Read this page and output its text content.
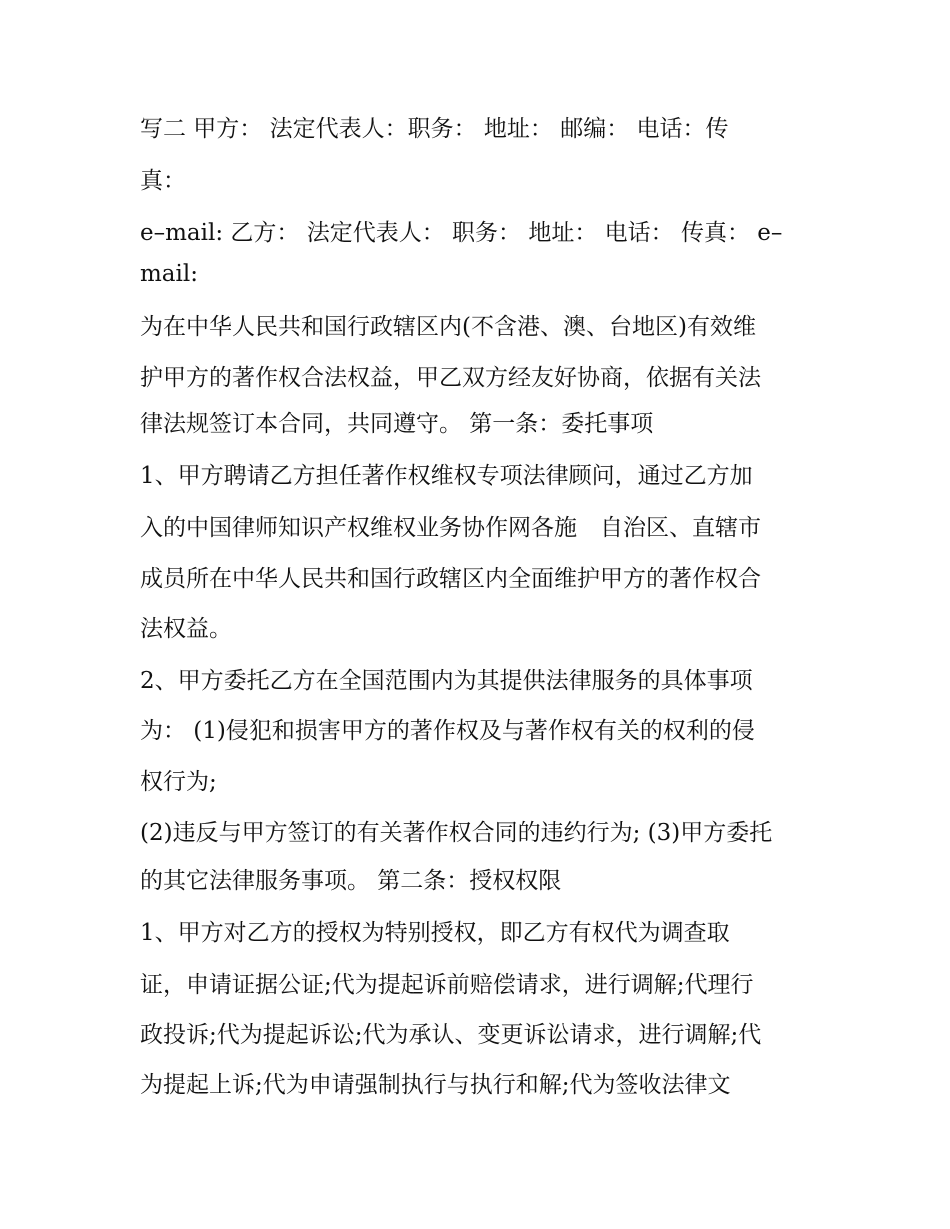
写二 甲方： 法定代表人：职务： 地址： 邮编： 电话：传

真：

e–mail: 乙方： 法定代表人： 职务： 地址： 电话： 传真： e–

mail:

为在中华人民共和国行政辖区内(不含港、澳、台地区)有效维

护甲方的著作权合法权益，甲乙双方经友好协商，依据有关法

律法规签订本合同，共同遵守。 第一条：委托事项

1、甲方聘请乙方担任著作权维权专项法律顾问，通过乙方加

入的中国律师知识产权维权业务协作网各施　自治区、直辖市

成员所在中华人民共和国行政辖区内全面维护甲方的著作权合

法权益。

2、甲方委托乙方在全国范围内为其提供法律服务的具体事项

为： (1)侵犯和损害甲方的著作权及与著作权有关的权利的侵

权行为;

(2)违反与甲方签订的有关著作权合同的违约行为; (3)甲方委托

的其它法律服务事项。 第二条：授权权限

1、甲方对乙方的授权为特别授权，即乙方有权代为调查取

证，申请证据公证;代为提起诉前赔偿请求，进行调解;代理行

政投诉;代为提起诉讼;代为承认、变更诉讼请求，进行调解;代

为提起上诉;代为申请强制执行与执行和解;代为签收法律文
